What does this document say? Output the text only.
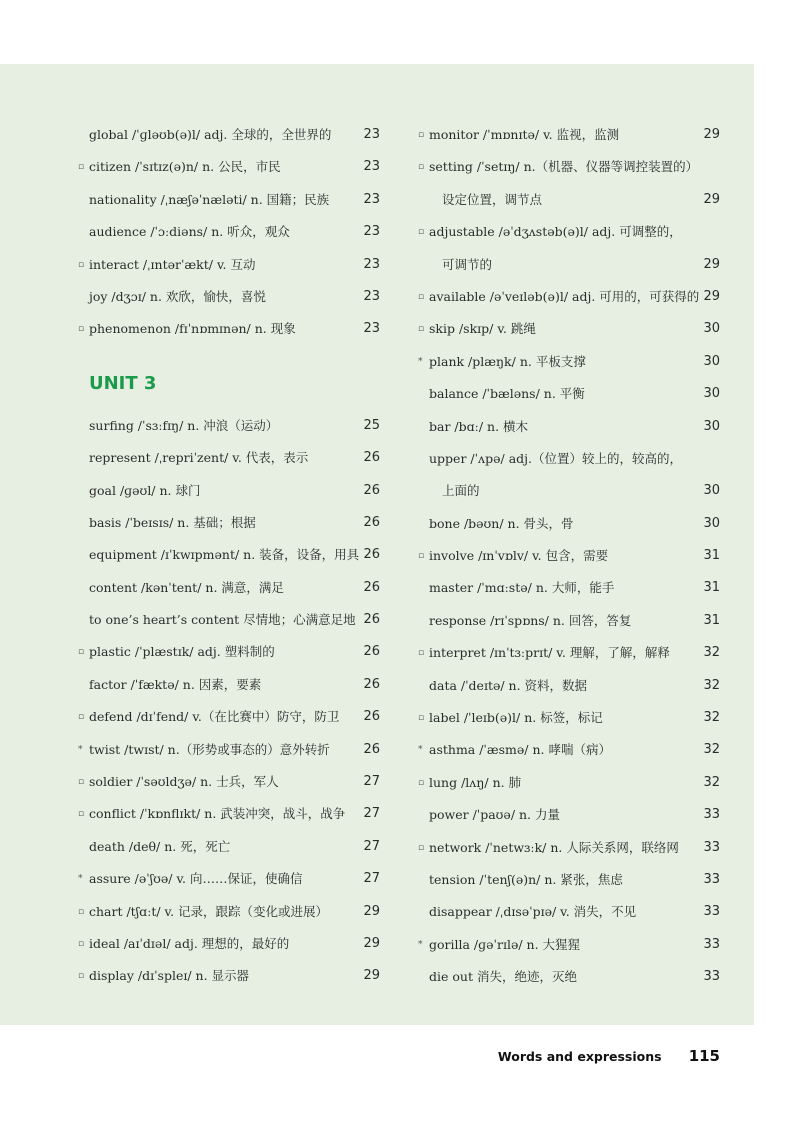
global /ˈɡləʊb(ə)l/ adj. 全球的，全世界的 23
▫ citizen /ˈsɪtɪz(ə)n/ n. 公民，市民	23
nationality /ˌnæʃəˈnæləti/ n. 国籍；民族	23
audience /ˈɔːdiəns/ n. 听众，观众	23
▫ interact /ˌɪntərˈækt/ v. 互动	23
joy /dʒɔɪ/ n. 欢欣，愉快，喜悦	23
▫ phenomenon /fɪˈnɒmɪnən/ n. 现象	23
UNIT 3
surfing /ˈsɜːfɪŋ/ n. 冲浪（运动）	25
represent /ˌrepriˈzent/ v. 代表，表示	26
goal /ɡəʊl/ n. 球门	26
basis /ˈbeɪsɪs/ n. 基础；根据	26
equipment /ɪˈkwɪpmənt/ n. 装备，设备，用具 26
content /kənˈtent/ n. 满意，满足	26
to one’s heart’s content 尽情地；心满意足地 26
▫ plastic /ˈplæstɪk/ adj. 塑料制的	26
factor /ˈfæktə/ n. 因素，要素	26
▫ defend /dɪˈfend/ v.（在比赛中）防守，防卫 26
* twist /twɪst/ n.（形势或事态的）意外转折	26
▫ soldier /ˈsəʊldʒə/ n. 士兵，军人	27
▫ conflict /ˈkɒnflɪkt/ n. 武装冲突，战斗，战争 27
death /deθ/ n. 死，死亡	27
* assure /əˈʃʊə/ v. 向……保证，使确信	27
▫ chart /tʃɑːt/ v. 记录，跟踪（变化或进展）	29
▫ ideal /aɪˈdɪəl/ adj. 理想的，最好的	29
▫ display /dɪˈspleɪ/ n. 显示器	29
▫ monitor /ˈmɒnɪtə/ v. 监视，监测	29
▫ setting /ˈsetɪŋ/ n.（机器、仪器等调控装置的）
设定位置，调节点	29
▫ adjustable /əˈdʒʌstəb(ə)l/ adj. 可调整的，
可调节的	29
▫ available /əˈveɪləb(ə)l/ adj. 可用的，可获得的 29
▫ skip /skɪp/ v. 跳绳	30
* plank /plæŋk/ n. 平板支撑	30
balance /ˈbæləns/ n. 平衡	30
bar /bɑː/ n. 横木	30
upper /ˈʌpə/ adj.（位置）较上的，较高的，
上面的	30
bone /bəʊn/ n. 骨头，骨	30
▫ involve /ɪnˈvɒlv/ v. 包含，需要	31
master /ˈmɑːstə/ n. 大师，能手	31
response /rɪˈspɒns/ n. 回答，答复	31
▫ interpret /ɪnˈtɜːprɪt/ v. 理解，了解，解释	32
data /ˈdeɪtə/ n. 资料，数据	32
▫ label /ˈleɪb(ə)l/ n. 标签，标记	32
* asthma /ˈæsmə/ n. 哮喘（病）	32
▫ lung /lʌŋ/ n. 肺	32
power /ˈpaʊə/ n. 力量	33
▫ network /ˈnetwɜːk/ n. 人际关系网，联络网 33
tension /ˈtenʃ(ə)n/ n. 紧张，焦虑	33
disappear /ˌdɪsəˈpɪə/ v. 消失，不见	33
* gorilla /ɡəˈrɪlə/ n. 大猩猩	33
die out 消失，绝迹，灭绝	33
Words and expressions 115
